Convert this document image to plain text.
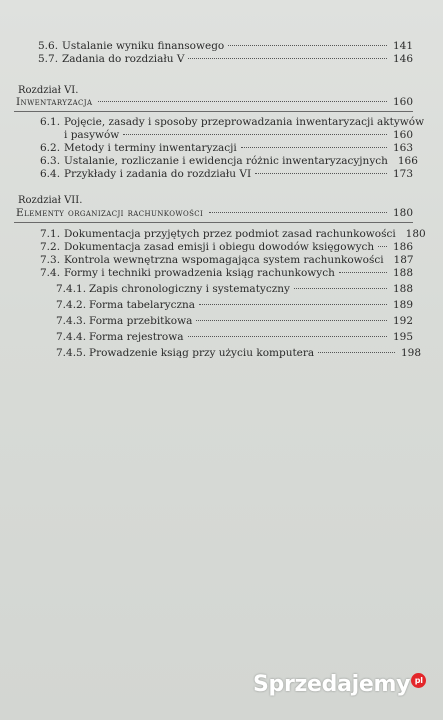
5.6. Ustalanie wyniku finansowego	141
5.7. Zadania do rozdziału V	146
Rozdział VI.
Inwentaryzacja	160
6.1. Pojęcie, zasady i sposoby przeprowadzania inwentaryzacji aktywów
i pasywów	160
6.2. Metody i terminy inwentaryzacji	163
6.3. Ustalanie, rozliczanie i ewidencja różnic inwentaryzacyjnych 166
6.4. Przykłady i zadania do rozdziału VI	173
Rozdział VII.
Elementy organizacji rachunkowości	180
7.1. Dokumentacja przyjętych przez podmiot zasad rachunkowości 180
7.2. Dokumentacja zasad emisji i obiegu dowodów księgowych 186
7.3. Kontrola wewnętrzna wspomagająca system rachunkowości 187
7.4. Formy i techniki prowadzenia ksiąg rachunkowych	188
7.4.1. Zapis chronologiczny i systematyczny	188
7.4.2. Forma tabelaryczna	189
7.4.3. Forma przebitkowa	192
7.4.4. Forma rejestrowa	195
7.4.5. Prowadzenie ksiąg przy użyciu komputera	198
Sprzedajemy pl
